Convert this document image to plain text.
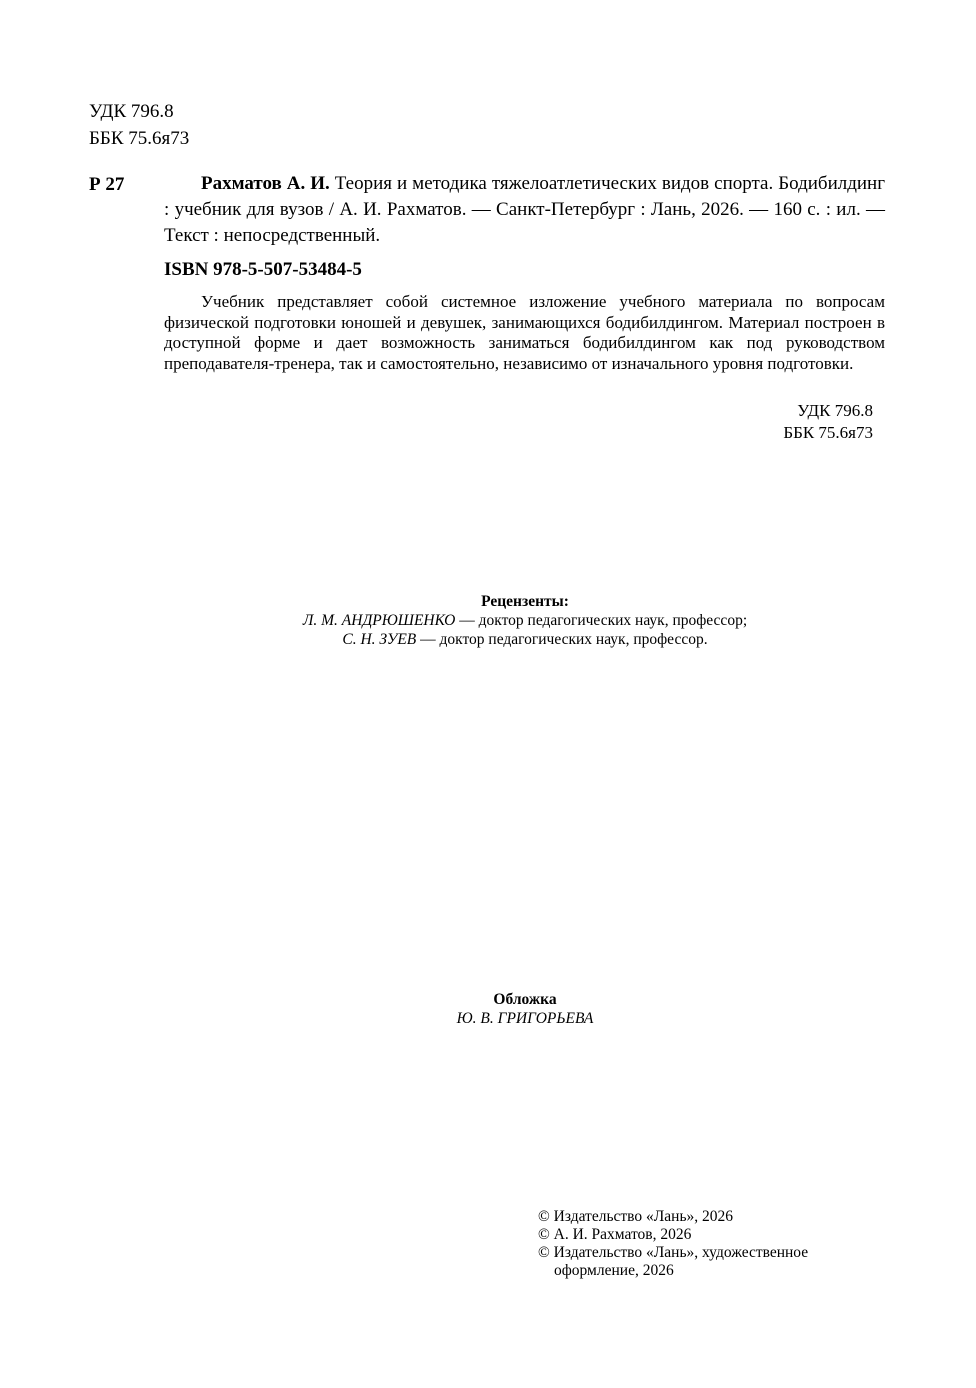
УДК 796.8
ББК 75.6я73
Р 27	Рахматов А. И. Теория и методика тяжелоатлетических видов спорта. Бодибилдинг : учебник для вузов / А. И. Рахматов. — Санкт-Петербург : Лань, 2026. — 160 с. : ил. — Текст : непосредственный.

ISBN 978-5-507-53484-5

Учебник представляет собой системное изложение учебного материала по вопросам физической подготовки юношей и девушек, занимающихся бодибилдингом. Материал построен в доступной форме и дает возможность заниматься бодибилдингом как под руководством преподавателя-тренера, так и самостоятельно, независимо от изначального уровня подготовки.

УДК 796.8
ББК 75.6я73
Рецензенты:
Л. М. АНДРЮШЕНКО — доктор педагогических наук, профессор;
С. Н. ЗУЕВ — доктор педагогических наук, профессор.
Обложка
Ю. В. ГРИГОРЬЕВА
© Издательство «Лань», 2026
© А. И. Рахматов, 2026
© Издательство «Лань», художественное
оформление, 2026
